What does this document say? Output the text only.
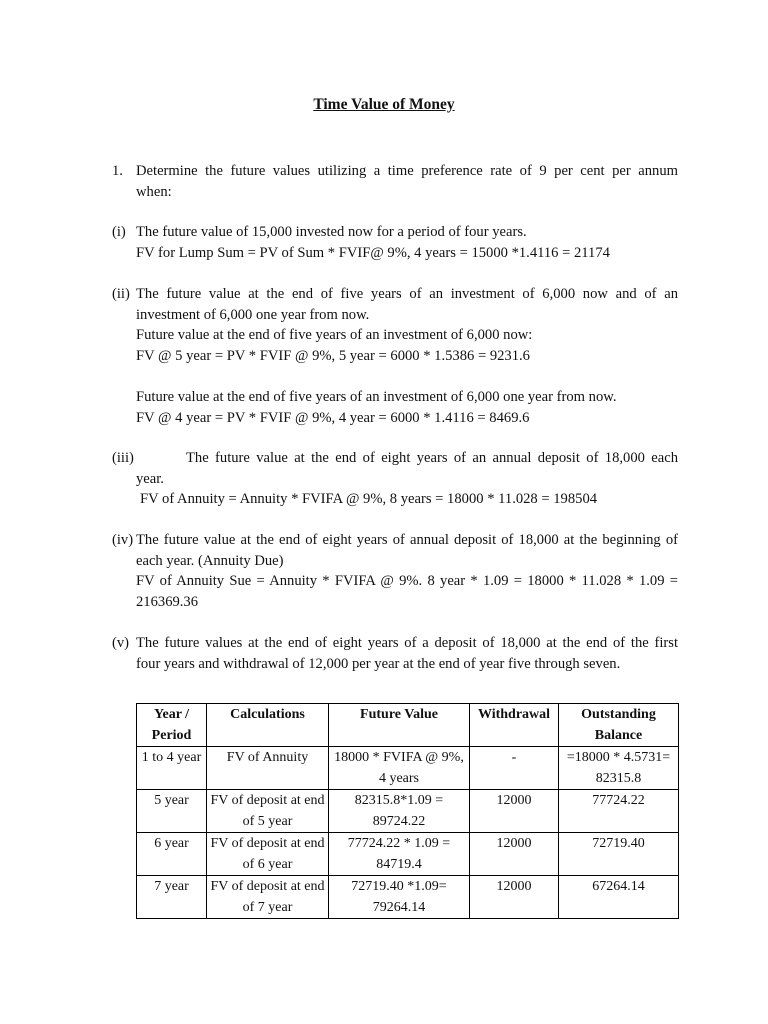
Time Value of Money
1. Determine the future values utilizing a time preference rate of 9 per cent per annum
when:
(i) The future value of 15,000 invested now for a period of four years.
FV for Lump Sum = PV of Sum * FVIF@ 9%, 4 years = 15000 *1.4116 = 21174
(ii) The future value at the end of five years of an investment of 6,000 now and of an
investment of 6,000 one year from now.
Future value at the end of five years of an investment of 6,000 now:
FV @ 5 year = PV * FVIF @ 9%, 5 year = 6000 * 1.5386 = 9231.6
Future value at the end of five years of an investment of 6,000 one year from now.
FV @ 4 year = PV * FVIF @ 9%, 4 year = 6000 * 1.4116 = 8469.6
(iii)	The future value at the end of eight years of an annual deposit of 18,000 each
year.
FV of Annuity = Annuity * FVIFA @ 9%, 8 years = 18000 * 11.028 = 198504
(iv) The future value at the end of eight years of annual deposit of 18,000 at the beginning of
each year. (Annuity Due)
FV of Annuity Sue = Annuity * FVIFA @ 9%. 8 year * 1.09 = 18000 * 11.028 * 1.09 =
216369.36
(v) The future values at the end of eight years of a deposit of 18,000 at the end of the first
four years and withdrawal of 12,000 per year at the end of year five through seven.
Year / Period	Calculations	Future Value	Withdrawal	Outstanding Balance
1 to 4 year	FV of Annuity	18000 * FVIFA @ 9%, 4 years	-	=18000 * 4.5731= 82315.8
5 year	FV of deposit at end of 5 year	82315.8*1.09 = 89724.22	12000	77724.22
6 year	FV of deposit at end of 6 year	77724.22 * 1.09 = 84719.4	12000	72719.40
7 year	FV of deposit at end of 7 year	72719.40 *1.09= 79264.14	12000	67264.14
